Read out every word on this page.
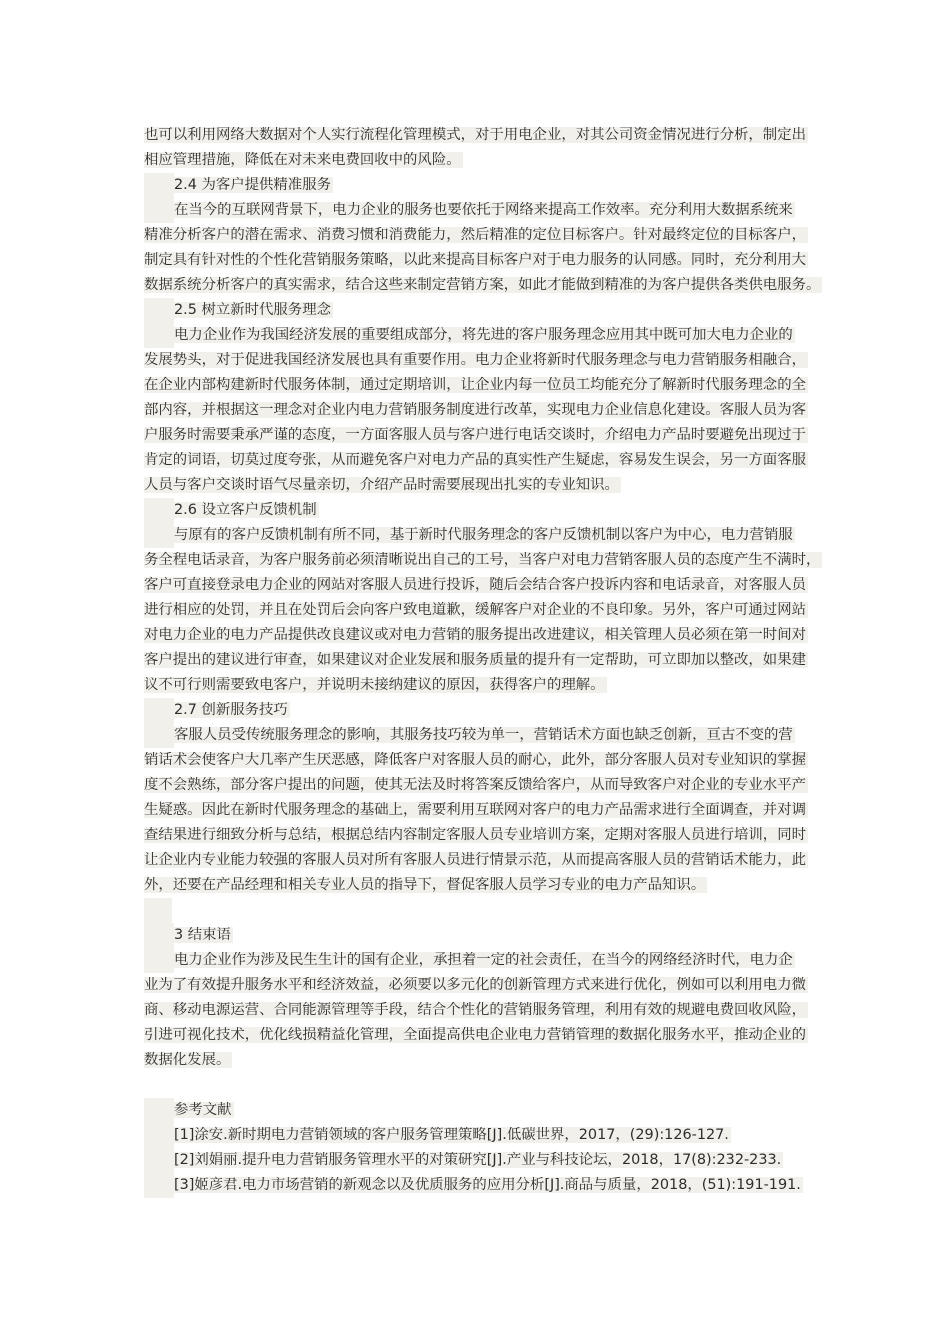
也可以利用网络大数据对个人实行流程化管理模式，对于用电企业，对其公司资金情况进行分析，制定出

相应管理措施，降低在对未来电费回收中的风险。

2.4 为客户提供精准服务

在当今的互联网背景下，电力企业的服务也要依托于网络来提高工作效率。充分利用大数据系统来

精准分析客户的潜在需求、消费习惯和消费能力，然后精准的定位目标客户。针对最终定位的目标客户，

制定具有针对性的个性化营销服务策略，以此来提高目标客户对于电力服务的认同感。同时，充分利用大

数据系统分析客户的真实需求，结合这些来制定营销方案，如此才能做到精准的为客户提供各类供电服务。

2.5 树立新时代服务理念

电力企业作为我国经济发展的重要组成部分，将先进的客户服务理念应用其中既可加大电力企业的

发展势头，对于促进我国经济发展也具有重要作用。电力企业将新时代服务理念与电力营销服务相融合，

在企业内部构建新时代服务体制，通过定期培训，让企业内每一位员工均能充分了解新时代服务理念的全

部内容，并根据这一理念对企业内电力营销服务制度进行改革，实现电力企业信息化建设。客服人员为客

户服务时需要秉承严谨的态度，一方面客服人员与客户进行电话交谈时，介绍电力产品时要避免出现过于

肯定的词语，切莫过度夸张，从而避免客户对电力产品的真实性产生疑虑，容易发生误会，另一方面客服

人员与客户交谈时语气尽量亲切，介绍产品时需要展现出扎实的专业知识。

2.6 设立客户反馈机制

与原有的客户反馈机制有所不同，基于新时代服务理念的客户反馈机制以客户为中心，电力营销服

务全程电话录音，为客户服务前必须清晰说出自己的工号，当客户对电力营销客服人员的态度产生不满时，

客户可直接登录电力企业的网站对客服人员进行投诉，随后会结合客户投诉内容和电话录音，对客服人员

进行相应的处罚，并且在处罚后会向客户致电道歉，缓解客户对企业的不良印象。另外，客户可通过网站

对电力企业的电力产品提供改良建议或对电力营销的服务提出改进建议，相关管理人员必须在第一时间对

客户提出的建议进行审查，如果建议对企业发展和服务质量的提升有一定帮助，可立即加以整改，如果建

议不可行则需要致电客户，并说明未接纳建议的原因，获得客户的理解。

2.7 创新服务技巧

客服人员受传统服务理念的影响，其服务技巧较为单一，营销话术方面也缺乏创新，亘古不变的营

销话术会使客户大几率产生厌恶感，降低客户对客服人员的耐心，此外，部分客服人员对专业知识的掌握

度不会熟练，部分客户提出的问题，使其无法及时将答案反馈给客户，从而导致客户对企业的专业水平产

生疑惑。因此在新时代服务理念的基础上，需要利用互联网对客户的电力产品需求进行全面调查，并对调

查结果进行细致分析与总结，根据总结内容制定客服人员专业培训方案，定期对客服人员进行培训，同时

让企业内专业能力较强的客服人员对所有客服人员进行情景示范，从而提高客服人员的营销话术能力，此

外，还要在产品经理和相关专业人员的指导下，督促客服人员学习专业的电力产品知识。

3 结束语

电力企业作为涉及民生生计的国有企业，承担着一定的社会责任，在当今的网络经济时代，电力企

业为了有效提升服务水平和经济效益，必须要以多元化的创新管理方式来进行优化，例如可以利用电力微

商、移动电源运营、合同能源管理等手段，结合个性化的营销服务管理，利用有效的规避电费回收风险，

引进可视化技术，优化线损精益化管理，全面提高供电企业电力营销管理的数据化服务水平，推动企业的

数据化发展。

参考文献

[1]涂安.新时期电力营销领域的客户服务管理策略[J].低碳世界，2017，(29):126-127.

[2]刘娟丽.提升电力营销服务管理水平的对策研究[J].产业与科技论坛，2018，17(8):232-233.

[3]姬彦君.电力市场营销的新观念以及优质服务的应用分析[J].商品与质量，2018，(51):191-191.
